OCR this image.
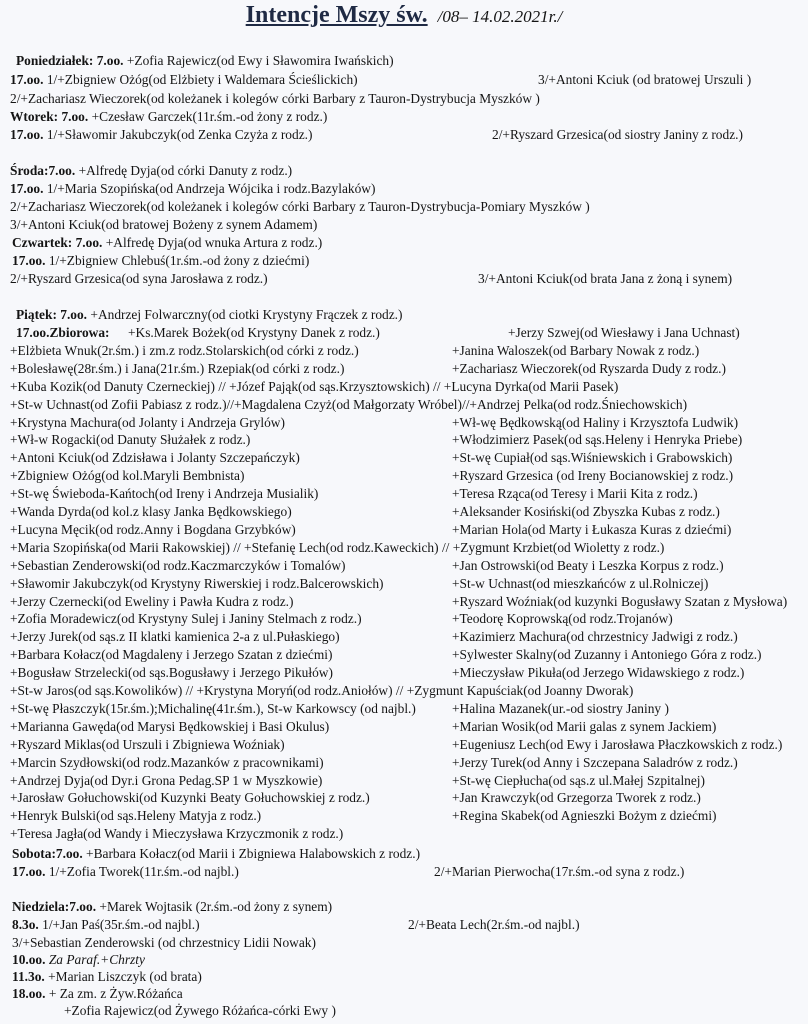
Intencje Mszy św. /08– 14.02.2021r./
Poniedziałek: 7.oo. +Zofia Rajewicz(od Ewy i Sławomira Iwańskich)
17.oo. 1/+Zbigniew Ożóg(od Elżbiety i Waldemara Ścieślickich)	3/+Antoni Kciuk (od bratowej Urszuli )
2/+Zachariasz Wieczorek(od koleżanek i kolegów córki Barbary z Tauron-Dystrybucja Myszków )
Wtorek: 7.oo. +Czesław Garczek(11r.śm.-od żony z rodz.)
17.oo. 1/+Sławomir Jakubczyk(od Zenka Czyża z rodz.)	2/+Ryszard Grzesica(od siostry Janiny z rodz.)
Środa:7.oo. +Alfredę Dyja(od córki Danuty z rodz.)
17.oo. 1/+Maria Szopińska(od Andrzeja Wójcika i rodz.Bazylaków)
2/+Zachariasz Wieczorek(od koleżanek i kolegów córki Barbary z Tauron-Dystrybucja-Pomiary Myszków )
3/+Antoni Kciuk(od bratowej Bożeny z synem Adamem)
Czwartek: 7.oo. +Alfredę Dyja(od wnuka Artura z rodz.)
17.oo. 1/+Zbigniew Chlebuś(1r.śm.-od żony z dziećmi)
2/+Ryszard Grzesica(od syna Jarosława z rodz.)	3/+Antoni Kciuk(od brata Jana z żoną i synem)
Piątek: 7.oo. +Andrzej Folwarczny(od ciotki Krystyny Frączek z rodz.)
17.oo.Zbiorowa: +Ks.Marek Bożek(od Krystyny Danek z rodz.)	+Jerzy Szwej(od Wiesławy i Jana Uchnast)
+Elżbieta Wnuk(2r.śm.) i zm.z rodz.Stolarskich(od córki z rodz.)	+Janina Waloszek(od Barbary Nowak z rodz.)
+Bolesławę(28r.śm.) i Jana(21r.śm.) Rzepiak(od córki z rodz.)	+Zachariasz Wieczorek(od Ryszarda Dudy z rodz.)
+Kuba Kozik(od Danuty Czerneckiej) // +Józef Pająk(od sąs.Krzysztowskich) // +Lucyna Dyrka(od Marii Pasek)
+St-w Uchnast(od Zofii Pabiasz z rodz.)//+Magdalena Czyż(od Małgorzaty Wróbel)//+Andrzej Pelka(od rodz.Śniechowskich)
+Krystyna Machura(od Jolanty i Andrzeja Grylów)	+Wł-wę Będkowską(od Haliny i Krzysztofa Ludwik)
+Wł-w Rogacki(od Danuty Służałek z rodz.)	+Włodzimierz Pasek(od sąs.Heleny i Henryka Priebe)
+Antoni Kciuk(od Zdzisława i Jolanty Szczepańczyk)	+St-wę Cupiał(od sąs.Wiśniewskich i Grabowskich)
+Zbigniew Ożóg(od kol.Maryli Bembnista)	+Ryszard Grzesica (od Ireny Bocianowskiej z rodz.)
+St-wę Świeboda-Kańtoch(od Ireny i Andrzeja Musialik)	+Teresa Rząca(od Teresy i Marii Kita z rodz.)
+Wanda Dyrda(od kol.z klasy Janka Będkowskiego)	+Aleksander Kosiński(od Zbyszka Kubas z rodz.)
+Lucyna Męcik(od rodz.Anny i Bogdana Grzybków)	+Marian Hola(od Marty i Łukasza Kuras z dziećmi)
+Maria Szopińska(od Marii Rakowskiej) // +Stefanię Lech(od rodz.Kaweckich) // +Zygmunt Krzbiet(od Wioletty z rodz.)
+Sebastian Zenderowski(od rodz.Kaczmarczyków i Tomalów)	+Jan Ostrowski(od Beaty i Leszka Korpus z rodz.)
+Sławomir Jakubczyk(od Krystyny Riwerskiej i rodz.Balcerowskich)	+St-w Uchnast(od mieszkańców z ul.Rolniczej)
+Jerzy Czernecki(od Eweliny i Pawła Kudra z rodz.)	+Ryszard Woźniak(od kuzynki Bogusławy Szatan z Mysłowa)
+Zofia Moradewicz(od Krystyny Sulej i Janiny Stelmach z rodz.)	+Teodorę Koprowską(od rodz.Trojanów)
+Jerzy Jurek(od sąs.z II klatki kamienica 2-a z ul.Pułaskiego)	+Kazimierz Machura(od chrzestnicy Jadwigi z rodz.)
+Barbara Kołacz(od Magdaleny i Jerzego Szatan z dziećmi)	+Sylwester Skalny(od Zuzanny i Antoniego Góra z rodz.)
+Bogusław Strzelecki(od sąs.Bogusławy i Jerzego Pikułów)	+Mieczysław Pikuła(od Jerzego Widawskiego z rodz.)
+St-w Jaros(od sąs.Kowolików) // +Krystyna Moryń(od rodz.Aniołów) // +Zygmunt Kapuściak(od Joanny Dworak)
+St-wę Płaszczyk(15r.śm.);Michalinę(41r.śm.), St-w Karkowscy (od najbl.)	+Halina Mazanek(ur.-od siostry Janiny )
+Marianna Gawęda(od Marysi Będkowskiej i Basi Okulus)	+Marian Wosik(od Marii galas z synem Jackiem)
+Ryszard Miklas(od Urszuli i Zbigniewa Woźniak)	+Eugeniusz Lech(od Ewy i Jarosława Płaczkowskich z rodz.)
+Marcin Szydłowski(od rodz.Mazanków z pracownikami)	+Jerzy Turek(od Anny i Szczepana Saladrów z rodz.)
+Andrzej Dyja(od Dyr.i Grona Pedag.SP 1 w Myszkowie)	+St-wę Ciepłucha(od sąs.z ul.Małej Szpitalnej)
+Jarosław Gołuchowski(od Kuzynki Beaty Gołuchowskiej z rodz.)	+Jan Krawczyk(od Grzegorza Tworek z rodz.)
+Henryk Bulski(od sąs.Heleny Matyja z rodz.)	+Regina Skabek(od Agnieszki Bożym z dziećmi)
+Teresa Jagła(od Wandy i Mieczysława Krzyczmonik z rodz.)
Sobota:7.oo. +Barbara Kołacz(od Marii i Zbigniewa Halabowskich z rodz.)
17.oo. 1/+Zofia Tworek(11r.śm.-od najbl.)	2/+Marian Pierwocha(17r.śm.-od syna z rodz.)
Niedziela:7.oo. +Marek Wojtasik (2r.śm.-od żony z synem)
8.3o. 1/+Jan Paś(35r.śm.-od najbl.)	2/+Beata Lech(2r.śm.-od najbl.)
3/+Sebastian Zenderowski (od chrzestnicy Lidii Nowak)
10.oo. Za Paraf.+Chrzty
11.3o. +Marian Liszczyk (od brata)
18.oo. + Za zm. z Żyw.Różańca
+Zofia Rajewicz(od Żywego Różańca-córki Ewy )
